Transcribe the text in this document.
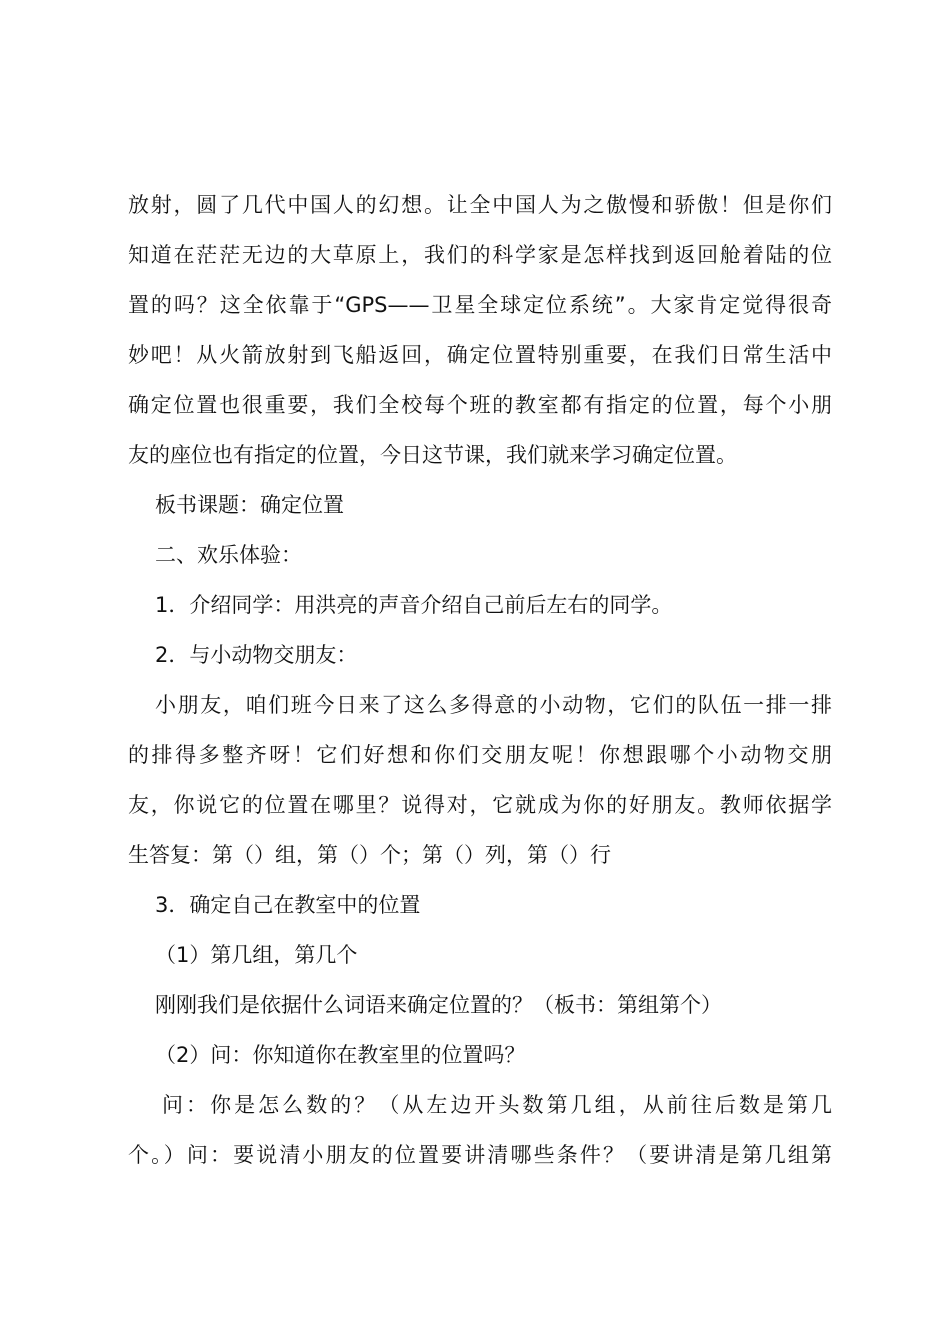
放射，圆了几代中国人的幻想。让全中国人为之傲慢和骄傲！但是你们
知道在茫茫无边的大草原上，我们的科学家是怎样找到返回舱着陆的位
置的吗？这全依靠于“GPS——卫星全球定位系统”。大家肯定觉得很奇
妙吧！从火箭放射到飞船返回，确定位置特别重要，在我们日常生活中
确定位置也很重要，我们全校每个班的教室都有指定的位置，每个小朋
友的座位也有指定的位置，今日这节课，我们就来学习确定位置。
板书课题：确定位置
二、欢乐体验：
1．介绍同学：用洪亮的声音介绍自己前后左右的同学。
2．与小动物交朋友：
小朋友，咱们班今日来了这么多得意的小动物，它们的队伍一排一排
的排得多整齐呀！它们好想和你们交朋友呢！你想跟哪个小动物交朋
友，你说它的位置在哪里？说得对，它就成为你的好朋友。教师依据学
生答复：第（）组，第（）个；第（）列，第（）行
3．确定自己在教室中的位置
（1）第几组，第几个
刚刚我们是依据什么词语来确定位置的？（板书：第组第个）
（2）问：你知道你在教室里的位置吗？
问：你是怎么数的？（从左边开头数第几组，从前往后数是第几
个。）问：要说清小朋友的位置要讲清哪些条件？（要讲清是第几组第
